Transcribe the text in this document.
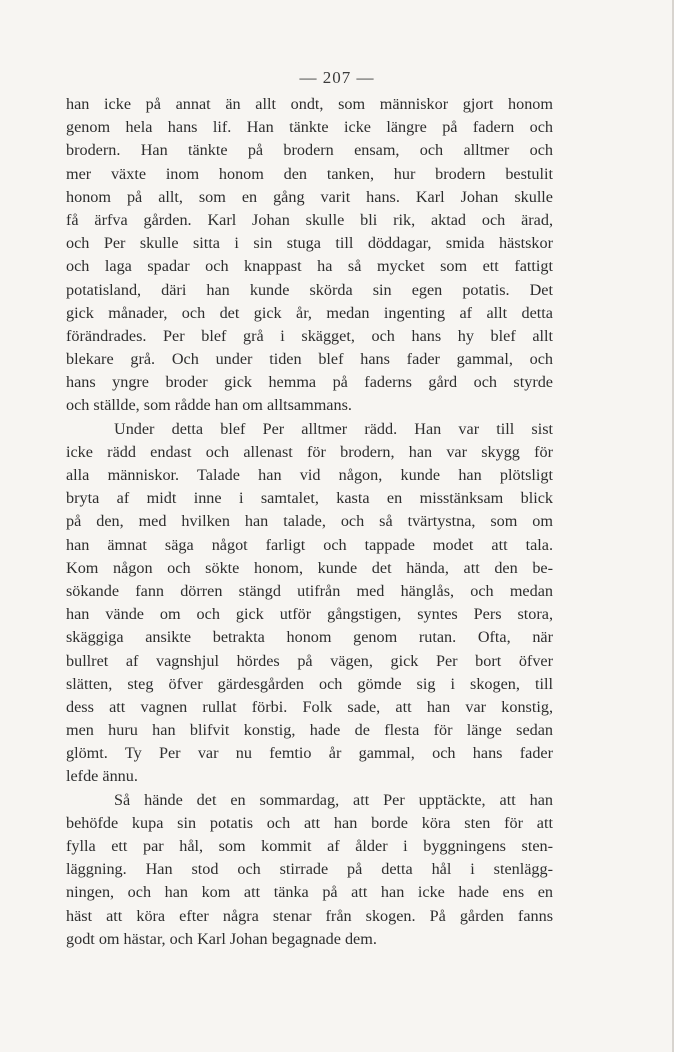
— 207 —
han icke på annat än allt ondt, som människor gjort honom
genom hela hans lif. Han tänkte icke längre på fadern och
brodern. Han tänkte på brodern ensam, och alltmer och
mer växte inom honom den tanken, hur brodern bestulit
honom på allt, som en gång varit hans. Karl Johan skulle
få ärfva gården. Karl Johan skulle bli rik, aktad och ärad,
och Per skulle sitta i sin stuga till döddagar, smida hästskor
och laga spadar och knappast ha så mycket som ett fattigt
potatisland, däri han kunde skörda sin egen potatis. Det
gick månader, och det gick år, medan ingenting af allt detta
förändrades. Per blef grå i skägget, och hans hy blef allt
blekare grå. Och under tiden blef hans fader gammal, och
hans yngre broder gick hemma på faderns gård och styrde
och ställde, som rådde han om alltsammans.
Under detta blef Per alltmer rädd. Han var till sist
icke rädd endast och allenast för brodern, han var skygg för
alla människor. Talade han vid någon, kunde han plötsligt
bryta af midt inne i samtalet, kasta en misstänksam blick
på den, med hvilken han talade, och så tvärtystna, som om
han ämnat säga något farligt och tappade modet att tala.
Kom någon och sökte honom, kunde det hända, att den be-
sökande fann dörren stängd utifrån med hänglås, och medan
han vände om och gick utför gångstigen, syntes Pers stora,
skäggiga ansikte betrakta honom genom rutan. Ofta, när
bullret af vagnshjul hördes på vägen, gick Per bort öfver
slätten, steg öfver gärdesgården och gömde sig i skogen, till
dess att vagnen rullat förbi. Folk sade, att han var konstig,
men huru han blifvit konstig, hade de flesta för länge sedan
glömt. Ty Per var nu femtio år gammal, och hans fader
lefde ännu.
Så hände det en sommardag, att Per upptäckte, att han
behöfde kupa sin potatis och att han borde köra sten för att
fylla ett par hål, som kommit af ålder i byggningens sten-
läggning. Han stod och stirrade på detta hål i stenlägg-
ningen, och han kom att tänka på att han icke hade ens en
häst att köra efter några stenar från skogen. På gården fanns
godt om hästar, och Karl Johan begagnade dem.
